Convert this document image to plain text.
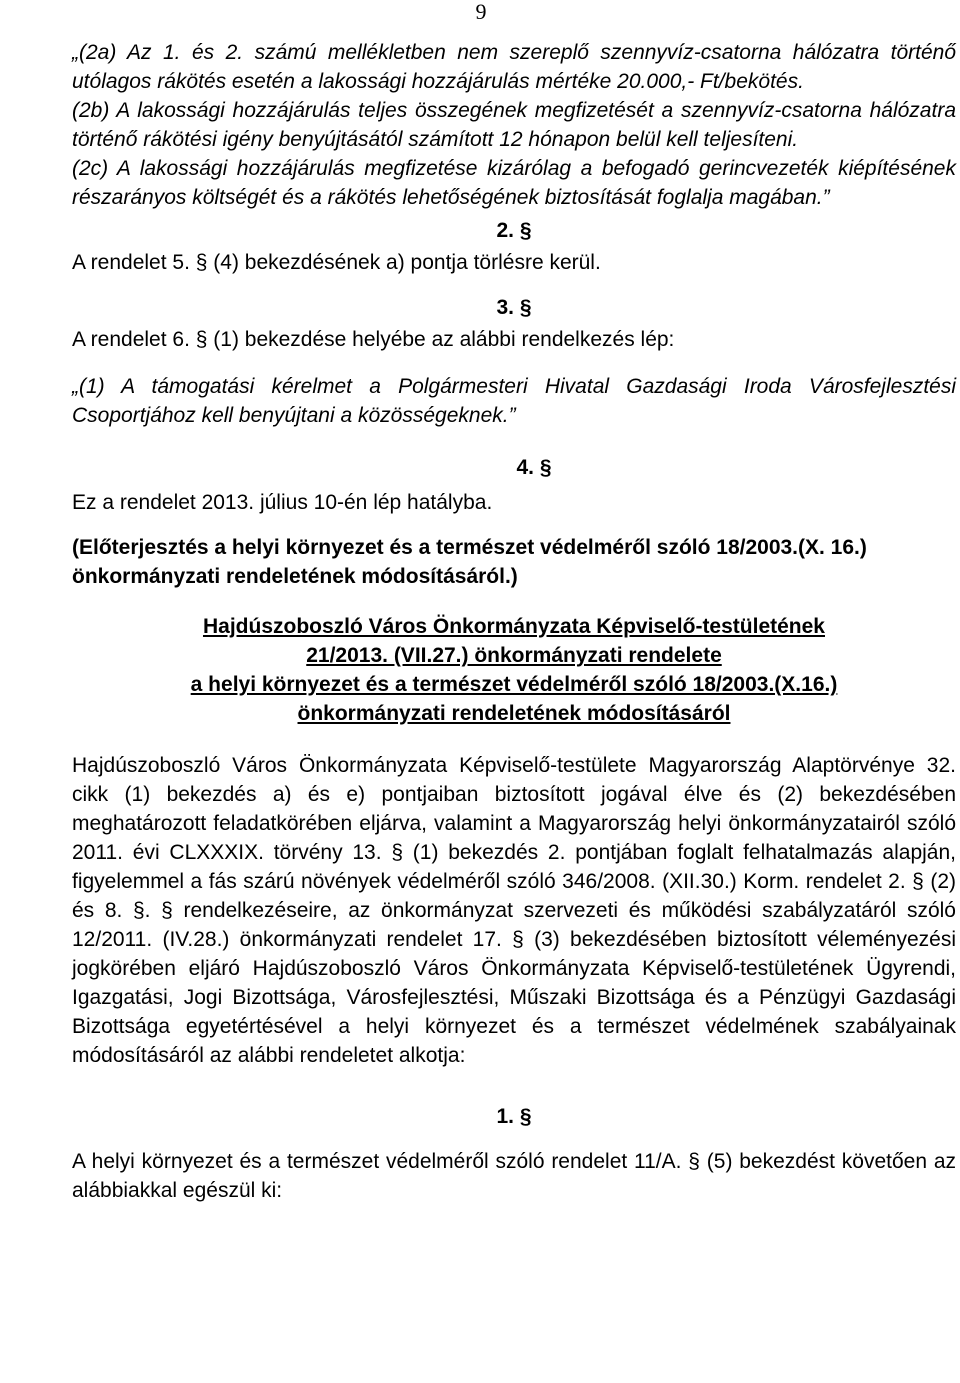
9

„(2a) Az 1. és 2. számú mellékletben nem szereplő szennyvíz-csatorna hálózatra történő utólagos rákötés esetén a lakossági hozzájárulás mértéke 20.000,- Ft/bekötés.

(2b) A lakossági hozzájárulás teljes összegének megfizetését a szennyvíz-csatorna hálózatra történő rákötési igény benyújtásától számított 12 hónapon belül kell teljesíteni.

(2c) A lakossági hozzájárulás megfizetése kizárólag a befogadó gerincvezeték kiépítésének részarányos költségét és a rákötés lehetőségének biztosítását foglalja magában.”

2. §

A rendelet 5. § (4) bekezdésének a) pontja törlésre kerül.

3. §

A rendelet 6. § (1) bekezdése helyébe az alábbi rendelkezés lép:

„(1) A támogatási kérelmet a Polgármesteri Hivatal Gazdasági Iroda Városfejlesztési Csoportjához kell benyújtani a közösségeknek.”

4. §

Ez a rendelet 2013. július 10-én lép hatályba.

(Előterjesztés a helyi környezet és a természet védelméről szóló 18/2003.(X. 16.) önkormányzati rendeletének módosításáról.)

Hajdúszoboszló Város Önkormányzata Képviselő-testületének

21/2013. (VII.27.) önkormányzati rendelete

a helyi környezet és a természet védelméről szóló 18/2003.(X.16.)

önkormányzati rendeletének módosításáról

Hajdúszoboszló Város Önkormányzata Képviselő-testülete Magyarország Alaptörvénye 32. cikk (1) bekezdés a) és e) pontjaiban biztosított jogával élve és (2) bekezdésében meghatározott feladatkörében eljárva, valamint a Magyarország helyi önkormányzatairól szóló 2011. évi CLXXXIX. törvény 13. § (1) bekezdés 2. pontjában foglalt felhatalmazás alapján, figyelemmel a fás szárú növények védelméről szóló 346/2008. (XII.30.) Korm. rendelet 2. § (2) és 8. §. § rendelkezéseire, az önkormányzat szervezeti és működési szabályzatáról szóló 12/2011. (IV.28.) önkormányzati rendelet 17. § (3) bekezdésében biztosított véleményezési jogkörében eljáró Hajdúszoboszló Város Önkormányzata Képviselő-testületének Ügyrendi, Igazgatási, Jogi Bizottsága, Városfejlesztési, Műszaki Bizottsága és a Pénzügyi Gazdasági Bizottsága egyetértésével a helyi környezet és a természet védelmének szabályainak módosításáról az alábbi rendeletet alkotja:

1. §

A helyi környezet és a természet védelméről szóló rendelet 11/A. § (5) bekezdést követően az alábbiakkal egészül ki:
